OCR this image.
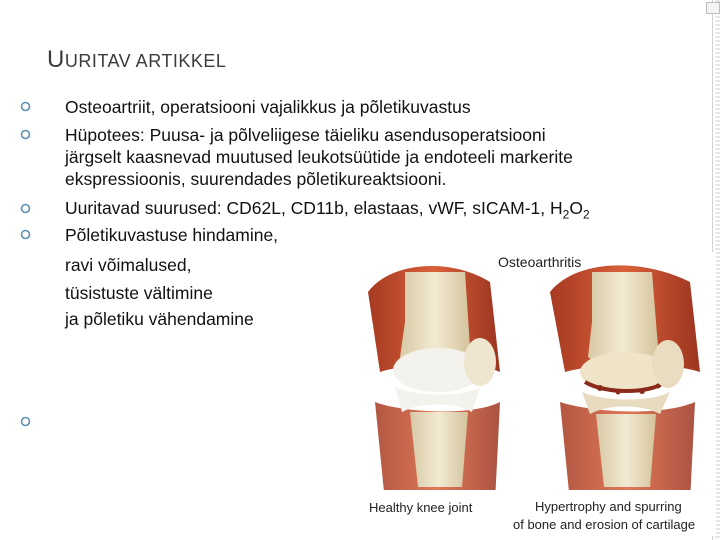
UURITAV ARTIKKEL
Osteoartriit, operatsiooni vajalikkus ja põletikuvastus
Hüpotees: Puusa- ja põlveliigese täieliku asendusoperatsiooni
järgselt kaasnevad muutused leukotsüütide ja endoteeli markerite
ekspressioonis, suurendades põletikureaktsiooni.
Uuritavad suurused: CD62L, CD11b, elastaas, vWF, sICAM-1, $H_2O_2$
Põletikuvastuse hindamine,
ravi võimalused,
tüsistuste vältimine
ja põletiku vähendamine
Osteoarthritis
Healthy knee joint	Hypertrophy and spurring
of bone and erosion of cartilage
